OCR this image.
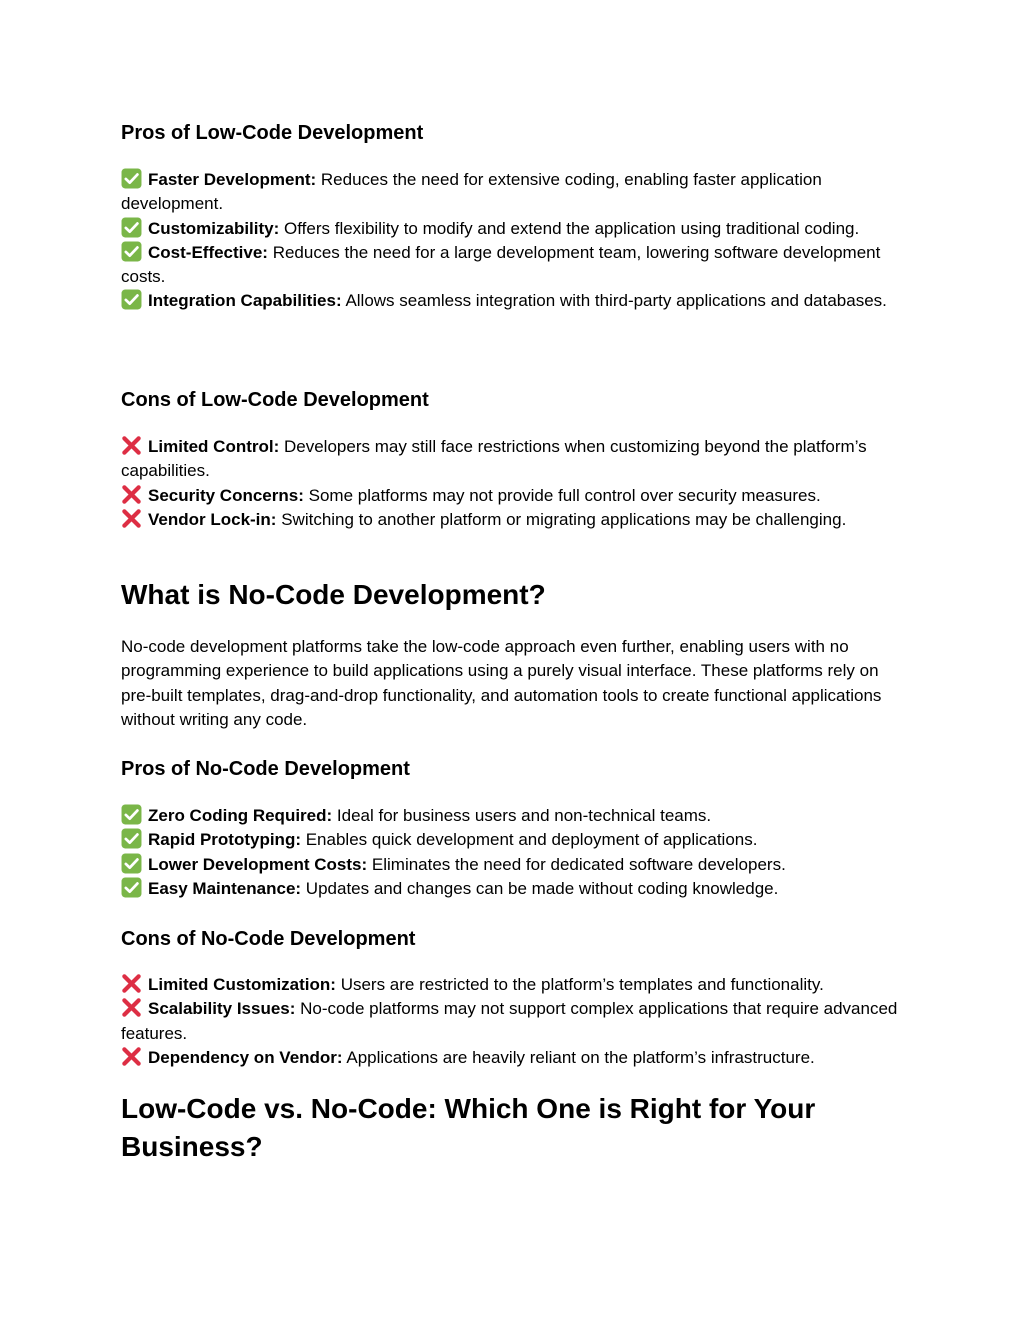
Pros of Low-Code Development
Faster Development: Reduces the need for extensive coding, enabling faster application development.
Customizability: Offers flexibility to modify and extend the application using traditional coding.
Cost-Effective: Reduces the need for a large development team, lowering software development costs.
Integration Capabilities: Allows seamless integration with third-party applications and databases.
Cons of Low-Code Development
Limited Control: Developers may still face restrictions when customizing beyond the platform’s capabilities.
Security Concerns: Some platforms may not provide full control over security measures.
Vendor Lock-in: Switching to another platform or migrating applications may be challenging.
What is No-Code Development?

No-code development platforms take the low-code approach even further, enabling users with no programming experience to build applications using a purely visual interface. These platforms rely on pre-built templates, drag-and-drop functionality, and automation tools to create functional applications without writing any code.

Pros of No-Code Development
Zero Coding Required: Ideal for business users and non-technical teams.
Rapid Prototyping: Enables quick development and deployment of applications.
Lower Development Costs: Eliminates the need for dedicated software developers.
Easy Maintenance: Updates and changes can be made without coding knowledge.
Cons of No-Code Development
Limited Customization: Users are restricted to the platform’s templates and functionality.
Scalability Issues: No-code platforms may not support complex applications that require advanced features.
Dependency on Vendor: Applications are heavily reliant on the platform’s infrastructure.
Low-Code vs. No-Code: Which One is Right for Your Business?
